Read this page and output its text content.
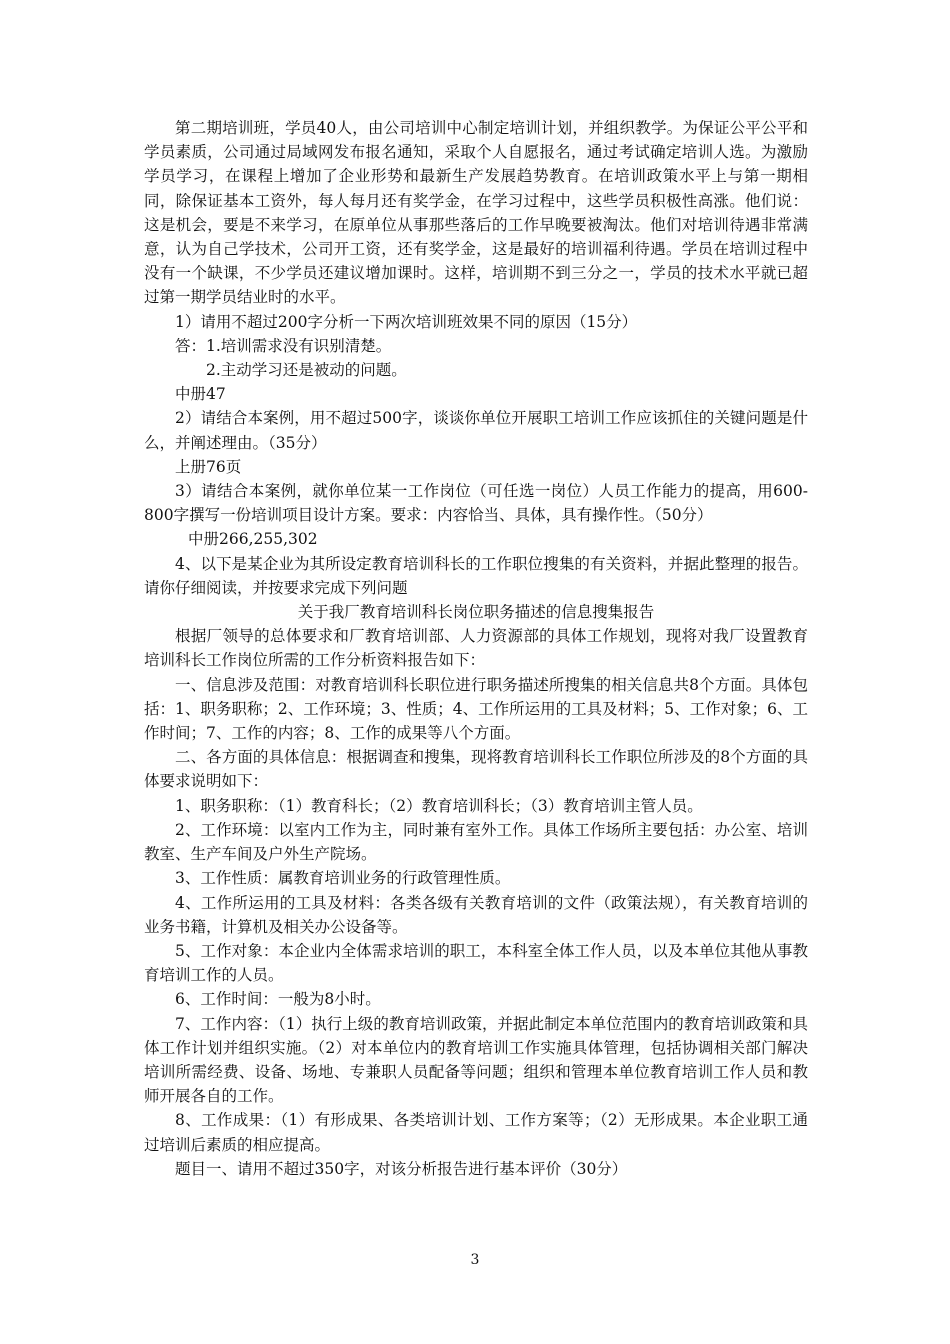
第二期培训班，学员40人，由公司培训中心制定培训计划，并组织教学。为保证公平公平和学员素质，公司通过局域网发布报名通知，采取个人自愿报名，通过考试确定培训人选。为激励学员学习，在课程上增加了企业形势和最新生产发展趋势教育。在培训政策水平上与第一期相同，除保证基本工资外，每人每月还有奖学金，在学习过程中，这些学员积极性高涨。他们说：这是机会，要是不来学习，在原单位从事那些落后的工作早晚要被淘汰。他们对培训待遇非常满意，认为自己学技术，公司开工资，还有奖学金，这是最好的培训福利待遇。学员在培训过程中没有一个缺课，不少学员还建议增加课时。这样，培训期不到三分之一，学员的技术水平就已超过第一期学员结业时的水平。

1）请用不超过200字分析一下两次培训班效果不同的原因（15分）

答：1.培训需求没有识别清楚。

2.主动学习还是被动的问题。

中册47

2）请结合本案例，用不超过500字，谈谈你单位开展职工培训工作应该抓住的关键问题是什么，并阐述理由。（35分）

上册76页

3）请结合本案例，就你单位某一工作岗位（可任选一岗位）人员工作能力的提高，用600-800字撰写一份培训项目设计方案。要求：内容恰当、具体，具有操作性。（50分）

中册266,255,302

4、以下是某企业为其所设定教育培训科长的工作职位搜集的有关资料，并据此整理的报告。请你仔细阅读，并按要求完成下列问题

关于我厂教育培训科长岗位职务描述的信息搜集报告

根据厂领导的总体要求和厂教育培训部、人力资源部的具体工作规划，现将对我厂设置教育培训科长工作岗位所需的工作分析资料报告如下：

一、信息涉及范围：对教育培训科长职位进行职务描述所搜集的相关信息共8个方面。具体包括：1、职务职称；2、工作环境；3、性质；4、工作所运用的工具及材料；5、工作对象；6、工作时间；7、工作的内容；8、工作的成果等八个方面。

二、各方面的具体信息：根据调查和搜集，现将教育培训科长工作职位所涉及的8个方面的具体要求说明如下：

1、职务职称：（1）教育科长；（2）教育培训科长；（3）教育培训主管人员。

2、工作环境：以室内工作为主，同时兼有室外工作。具体工作场所主要包括：办公室、培训教室、生产车间及户外生产院场。

3、工作性质：属教育培训业务的行政管理性质。

4、工作所运用的工具及材料：各类各级有关教育培训的文件（政策法规），有关教育培训的业务书籍，计算机及相关办公设备等。

5、工作对象：本企业内全体需求培训的职工，本科室全体工作人员，以及本单位其他从事教育培训工作的人员。

6、工作时间：一般为8小时。

7、工作内容：（1）执行上级的教育培训政策，并据此制定本单位范围内的教育培训政策和具体工作计划并组织实施。（2）对本单位内的教育培训工作实施具体管理，包括协调相关部门解决培训所需经费、设备、场地、专兼职人员配备等问题；组织和管理本单位教育培训工作人员和教师开展各自的工作。

8、工作成果：（1）有形成果、各类培训计划、工作方案等；（2）无形成果。本企业职工通过培训后素质的相应提高。

题目一、请用不超过350字，对该分析报告进行基本评价（30分）

3
